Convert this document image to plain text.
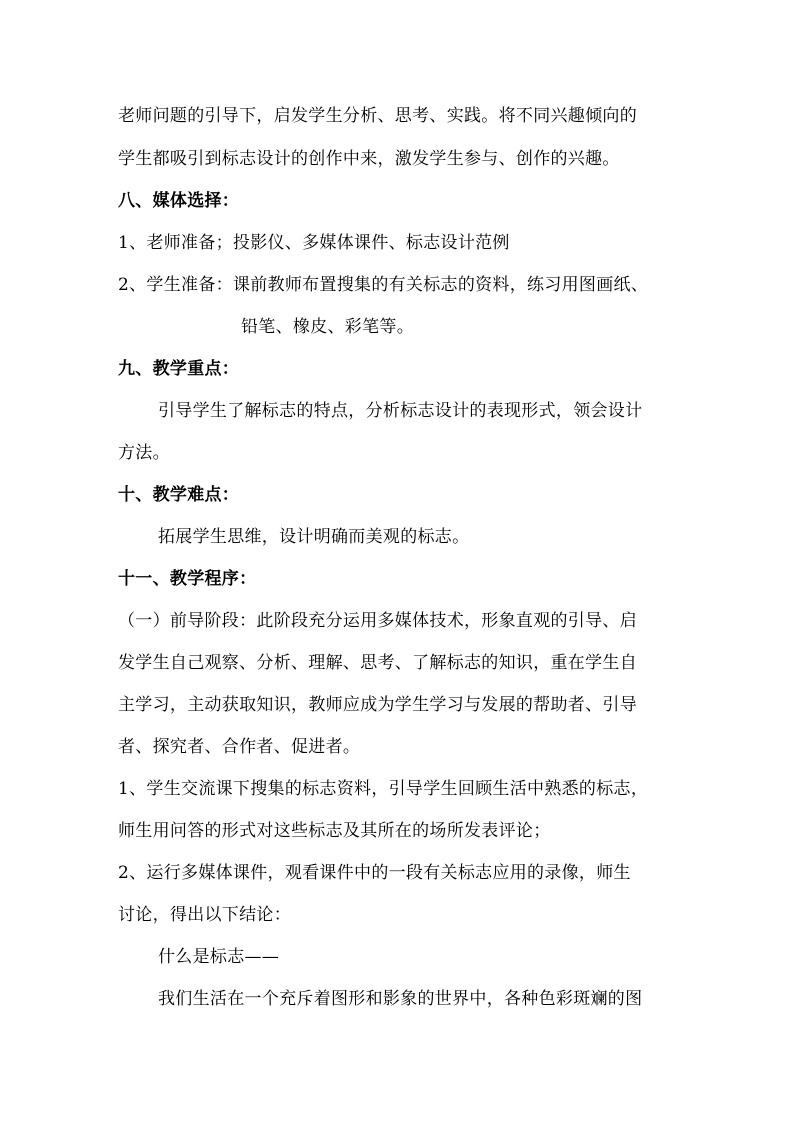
老师问题的引导下，启发学生分析、思考、实践。将不同兴趣倾向的
学生都吸引到标志设计的创作中来，激发学生参与、创作的兴趣。
八、媒体选择：
1、老师准备；投影仪、多媒体课件、标志设计范例
2、学生准备：课前教师布置搜集的有关标志的资料，练习用图画纸、
铅笔、橡皮、彩笔等。
九、教学重点：
引导学生了解标志的特点，分析标志设计的表现形式，领会设计
方法。
十、教学难点：
拓展学生思维，设计明确而美观的标志。
十一、教学程序：
（一）前导阶段：此阶段充分运用多媒体技术，形象直观的引导、启
发学生自己观察、分析、理解、思考、了解标志的知识，重在学生自
主学习，主动获取知识，教师应成为学生学习与发展的帮助者、引导
者、探究者、合作者、促进者。
1、学生交流课下搜集的标志资料，引导学生回顾生活中熟悉的标志，
师生用问答的形式对这些标志及其所在的场所发表评论；
2、运行多媒体课件，观看课件中的一段有关标志应用的录像，师生
讨论，得出以下结论：
什么是标志——
我们生活在一个充斥着图形和影象的世界中，各种色彩斑斓的图
